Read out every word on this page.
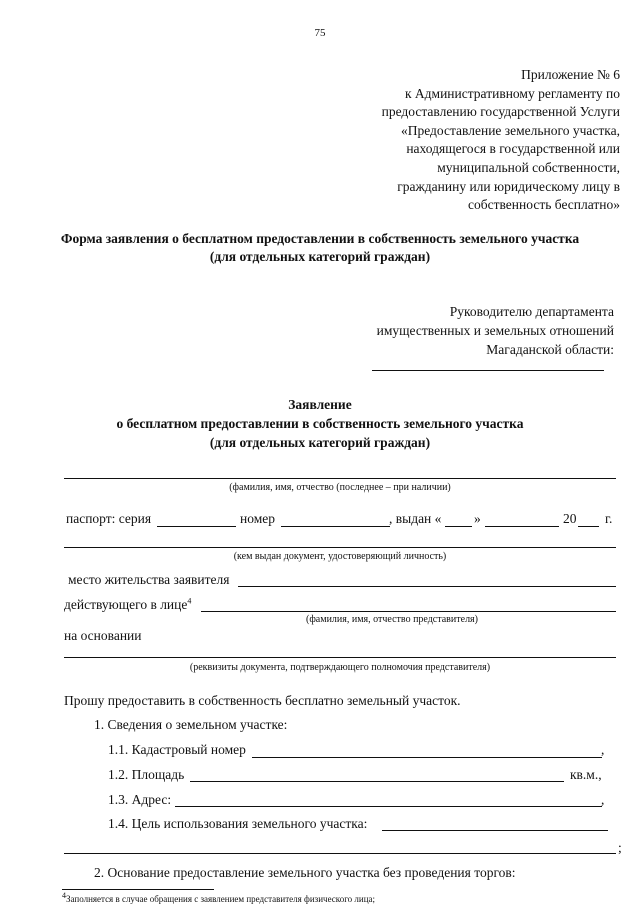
75
Приложение № 6
к Административному регламенту по
предоставлению государственной Услуги
«Предоставление земельного участка,
находящегося в государственной или
муниципальной собственности,
гражданину или юридическому лицу в
собственность бесплатно»
Форма заявления о бесплатном предоставлении в собственность земельного участка
(для отдельных категорий граждан)
Руководителю департамента
имущественных и земельных отношений
Магаданской области:
Заявление
о бесплатном предоставлении в собственность земельного участка
(для отдельных категорий граждан)
(фамилия, имя, отчество (последнее – при наличии)
паспорт: серия	номер	, выдан « »	20 г.
(кем выдан документ, удостоверяющий личность)
место жительства заявителя
действующего в лице$^4$
(фамилия, имя, отчество представителя)
на основании
(реквизиты документа, подтверждающего полномочия представителя)
Прошу предоставить в собственность бесплатно земельный участок.
1. Сведения о земельном участке:
1.1. Кадастровый номер	,
1.2. Площадь	кв.м.,
1.3. Адрес:	,
1.4. Цель использования земельного участка:
;
2. Основание предоставление земельного участка без проведения торгов:
$^4$Заполняется в случае обращения с заявлением представителя физического лица;
